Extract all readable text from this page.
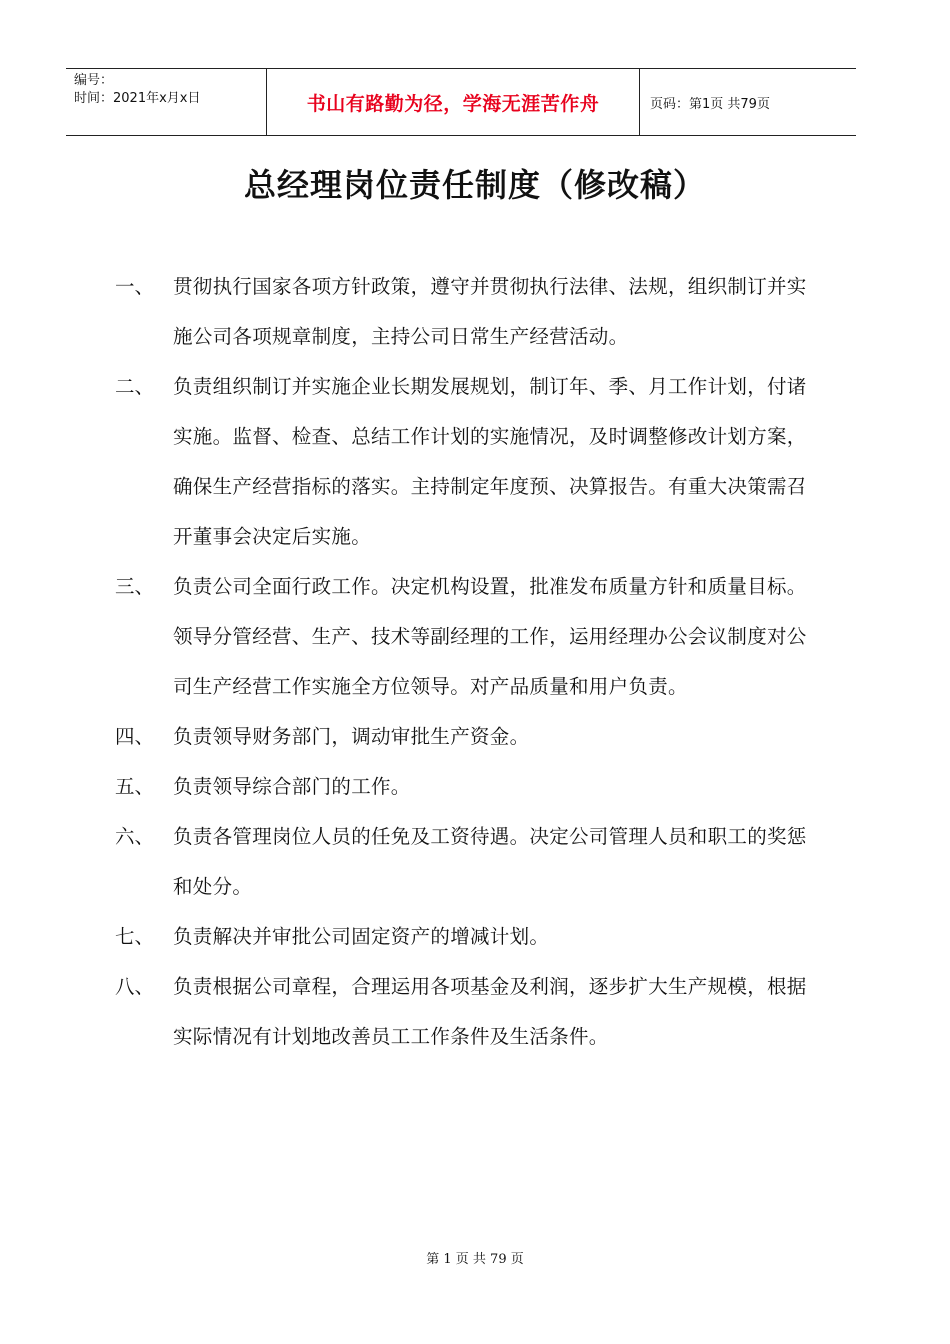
编号：
时间：2021年x月x日	书山有路勤为径，学海无涯苦作舟	页码：第1页 共79页
总经理岗位责任制度（修改稿）
一、 贯彻执行国家各项方针政策，遵守并贯彻执行法律、法规，组织制订并实施公司各项规章制度，主持公司日常生产经营活动。
二、 负责组织制订并实施企业长期发展规划，制订年、季、月工作计划，付诸实施。监督、检查、总结工作计划的实施情况，及时调整修改计划方案，确保生产经营指标的落实。主持制定年度预、决算报告。有重大决策需召开董事会决定后实施。
三、 负责公司全面行政工作。决定机构设置，批准发布质量方针和质量目标。领导分管经营、生产、技术等副经理的工作，运用经理办公会议制度对公司生产经营工作实施全方位领导。对产品质量和用户负责。
四、 负责领导财务部门，调动审批生产资金。
五、 负责领导综合部门的工作。
六、 负责各管理岗位人员的任免及工资待遇。决定公司管理人员和职工的奖惩和处分。
七、 负责解决并审批公司固定资产的增减计划。
八、 负责根据公司章程，合理运用各项基金及利润，逐步扩大生产规模，根据实际情况有计划地改善员工工作条件及生活条件。
第 1 页 共 79 页
